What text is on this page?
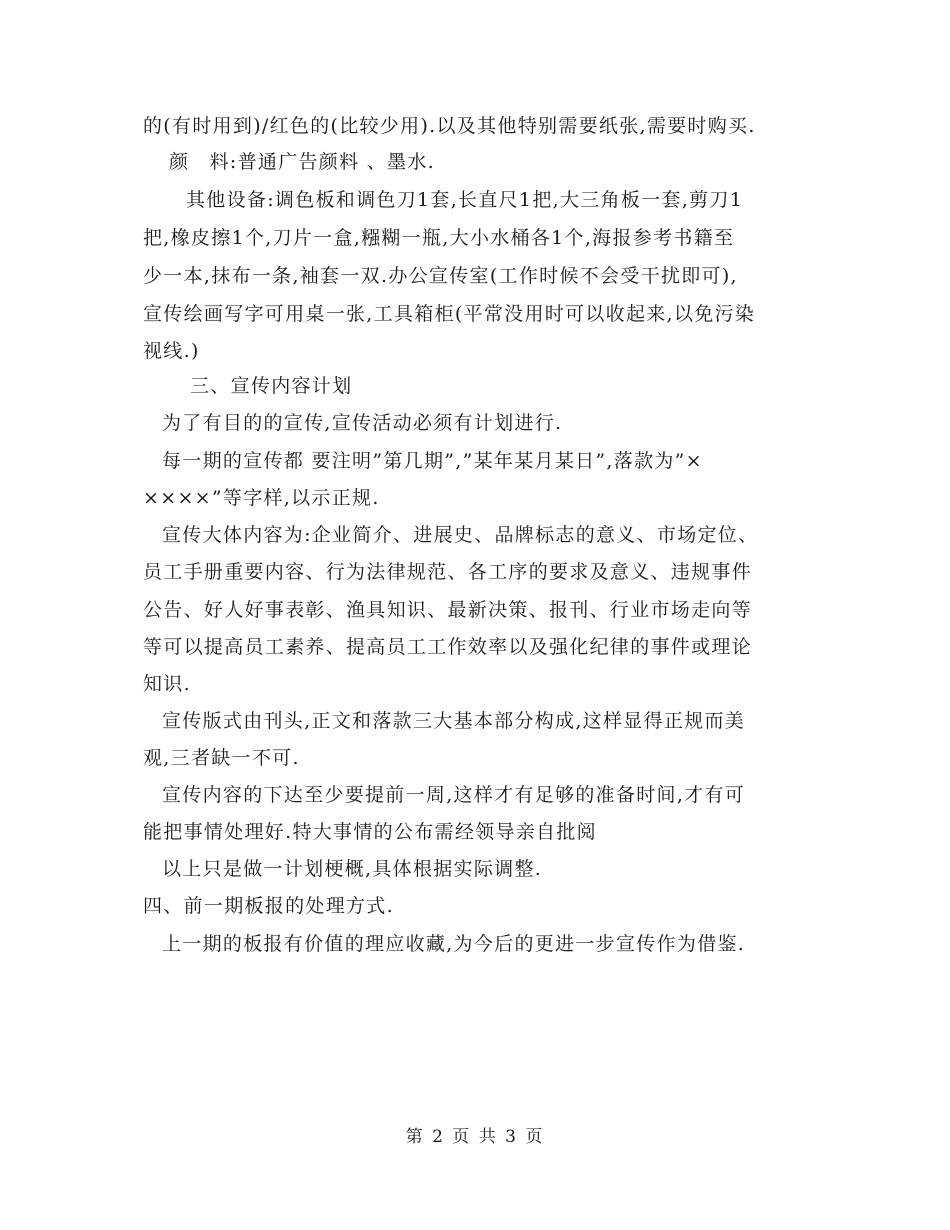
的(有时用到)/红色的(比较少用).以及其他特别需要纸张,需要时购买.
颜　料:普通广告颜料 、墨水.
其他设备:调色板和调色刀1套,长直尺1把,大三角板一套,剪刀1
把,橡皮擦1个,刀片一盒,糨糊一瓶,大小水桶各1个,海报参考书籍至
少一本,抹布一条,袖套一双.办公宣传室(工作时候不会受干扰即可),
宣传绘画写字可用桌一张,工具箱柜(平常没用时可以收起来,以免污染
视线.)
三、宣传内容计划
为了有目的的宣传,宣传活动必须有计划进行.
每一期的宣传都 要注明”第几期”,”某年某月某日”,落款为”×
××××”等字样,以示正规.
宣传大体内容为:企业简介、进展史、品牌标志的意义、市场定位、
员工手册重要内容、行为法律规范、各工序的要求及意义、违规事件
公告、好人好事表彰、渔具知识、最新决策、报刊、行业市场走向等
等可以提高员工素养、提高员工工作效率以及强化纪律的事件或理论
知识.
宣传版式由刊头,正文和落款三大基本部分构成,这样显得正规而美
观,三者缺一不可.
宣传内容的下达至少要提前一周,这样才有足够的准备时间,才有可
能把事情处理好.特大事情的公布需经领导亲自批阅
以上只是做一计划梗概,具体根据实际调整.
四、前一期板报的处理方式.
上一期的板报有价值的理应收藏,为今后的更进一步宣传作为借鉴.
第 2 页 共 3 页
